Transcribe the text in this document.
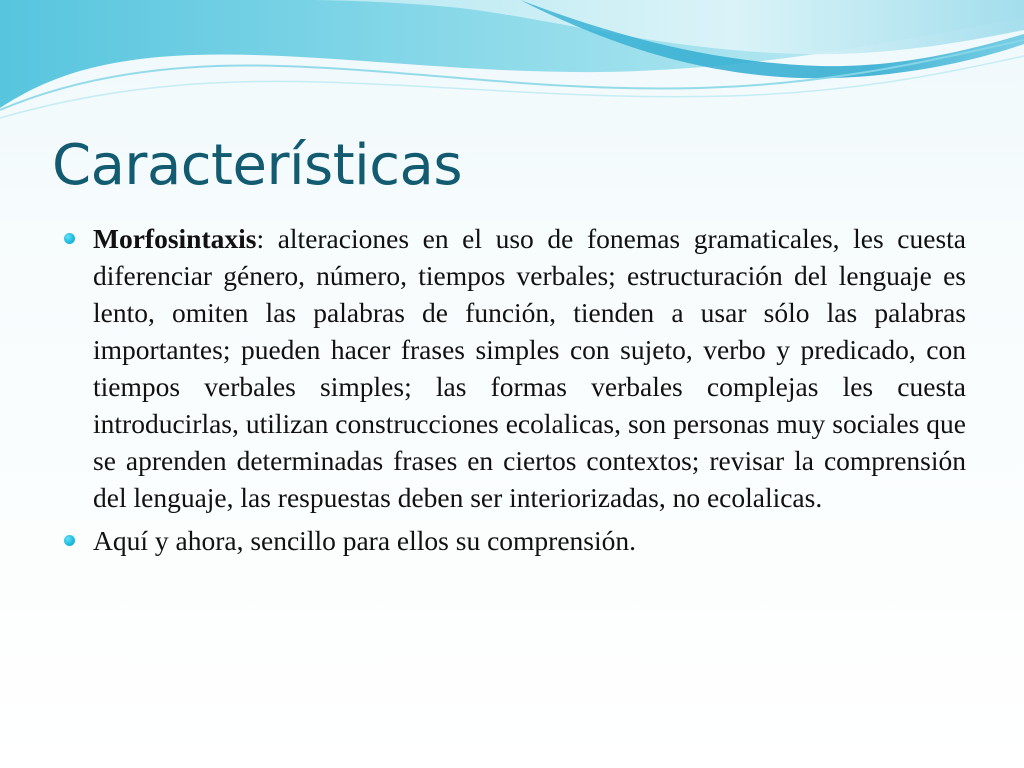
Características
Morfosintaxis: alteraciones en el uso de fonemas gramaticales, les cuesta diferenciar género, número, tiempos verbales; estructuración del lenguaje es lento, omiten las palabras de función, tienden a usar sólo las palabras importantes; pueden hacer frases simples con sujeto, verbo y predicado, con tiempos verbales simples; las formas verbales complejas les cuesta introducirlas, utilizan construcciones ecolalicas, son personas muy sociales que se aprenden determinadas frases en ciertos contextos; revisar la comprensión del lenguaje, las respuestas deben ser interiorizadas, no ecolalicas.
Aquí y ahora, sencillo para ellos su comprensión.
